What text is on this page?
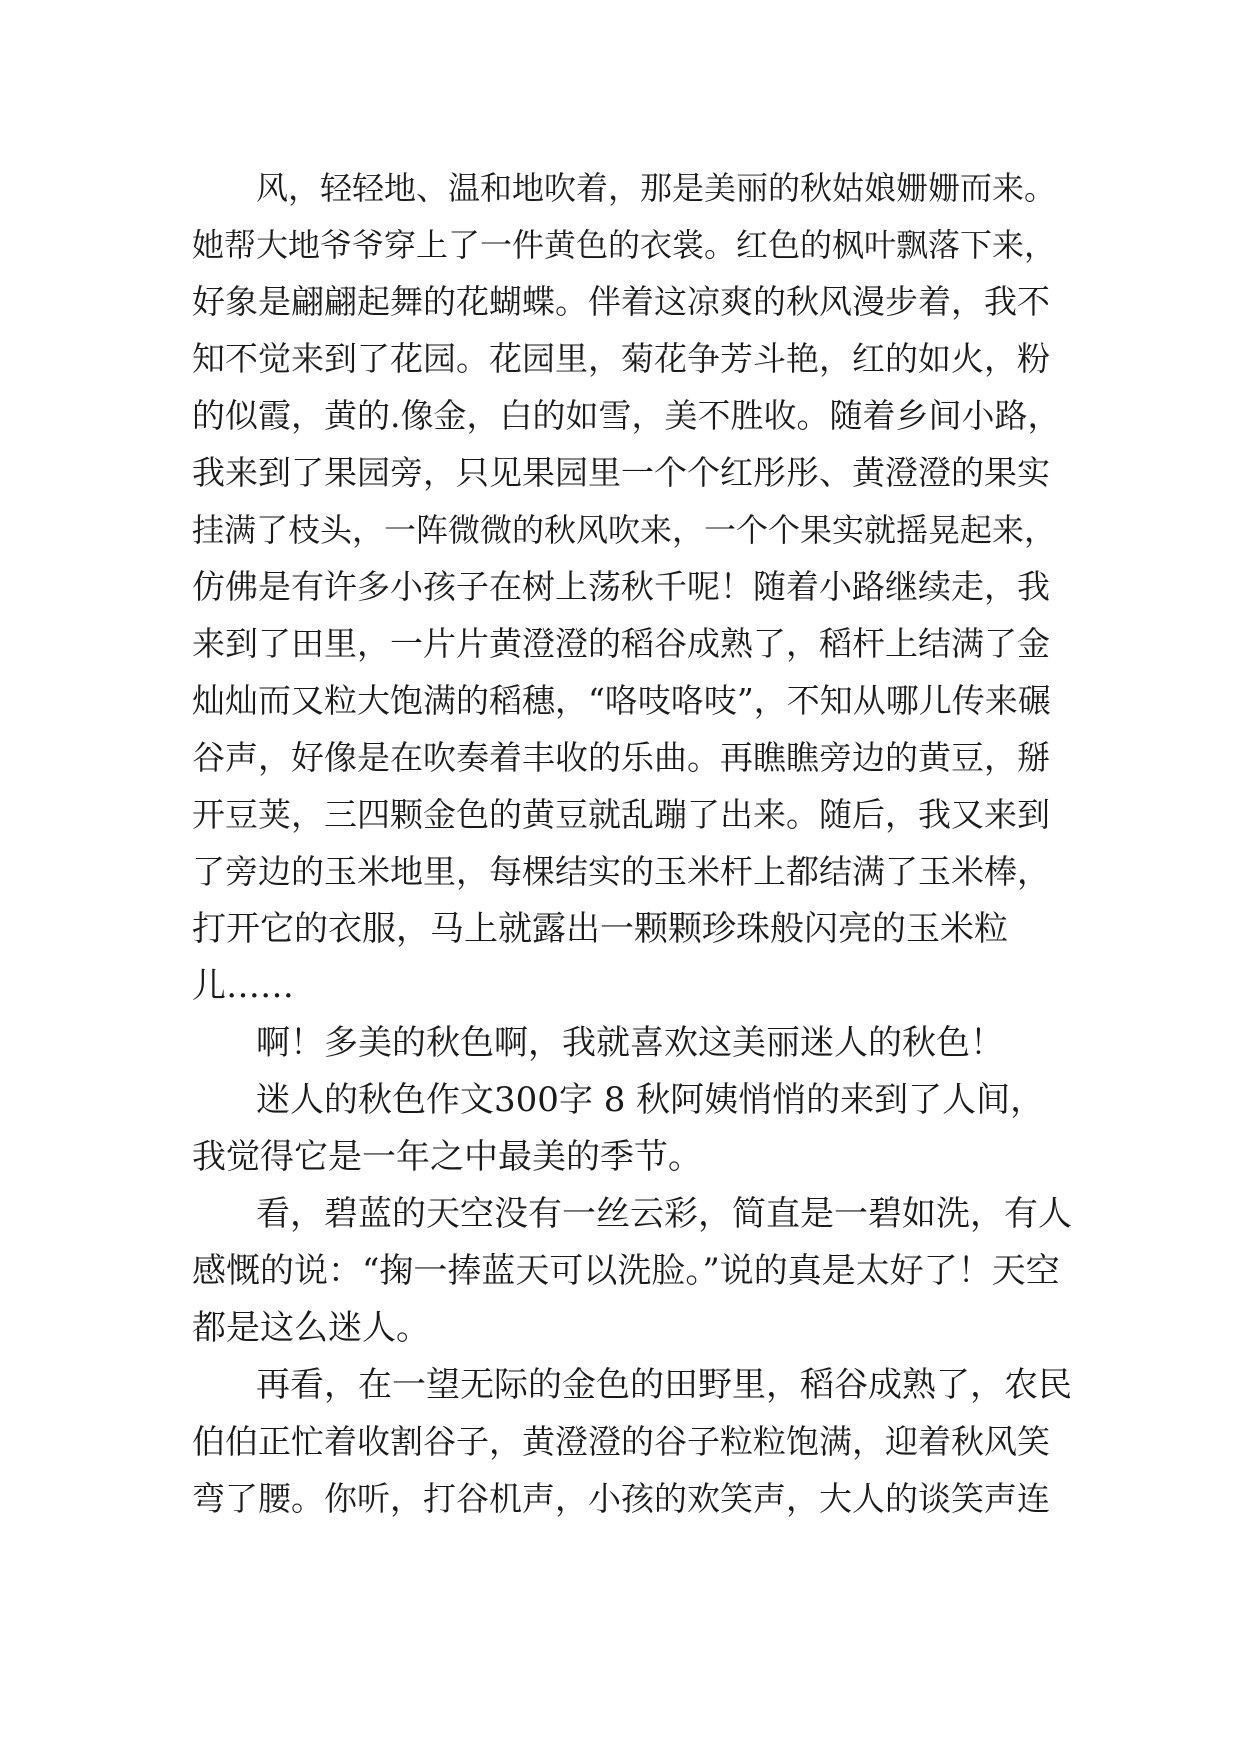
风，轻轻地、温和地吹着，那是美丽的秋姑娘姗姗而来。
她帮大地爷爷穿上了一件黄色的衣裳。红色的枫叶飘落下来，
好象是翩翩起舞的花蝴蝶。伴着这凉爽的秋风漫步着，我不
知不觉来到了花园。花园里，菊花争芳斗艳，红的如火，粉
的似霞，黄的.像金，白的如雪，美不胜收。随着乡间小路，
我来到了果园旁，只见果园里一个个红彤彤、黄澄澄的果实
挂满了枝头，一阵微微的秋风吹来，一个个果实就摇晃起来，
仿佛是有许多小孩子在树上荡秋千呢！随着小路继续走，我
来到了田里，一片片黄澄澄的稻谷成熟了，稻杆上结满了金
灿灿而又粒大饱满的稻穗，“咯吱咯吱”，不知从哪儿传来碾
谷声，好像是在吹奏着丰收的乐曲。再瞧瞧旁边的黄豆，掰
开豆荚，三四颗金色的黄豆就乱蹦了出来。随后，我又来到
了旁边的玉米地里，每棵结实的玉米杆上都结满了玉米棒，
打开它的衣服，马上就露出一颗颗珍珠般闪亮的玉米粒
儿……
啊！多美的秋色啊，我就喜欢这美丽迷人的秋色！
迷人的秋色作文300字 8 秋阿姨悄悄的来到了人间，
我觉得它是一年之中最美的季节。
看，碧蓝的天空没有一丝云彩，简直是一碧如洗，有人
感慨的说：“掬一捧蓝天可以洗脸。”说的真是太好了！天空
都是这么迷人。
再看，在一望无际的金色的田野里，稻谷成熟了，农民
伯伯正忙着收割谷子，黄澄澄的谷子粒粒饱满，迎着秋风笑
弯了腰。你听，打谷机声，小孩的欢笑声，大人的谈笑声连
